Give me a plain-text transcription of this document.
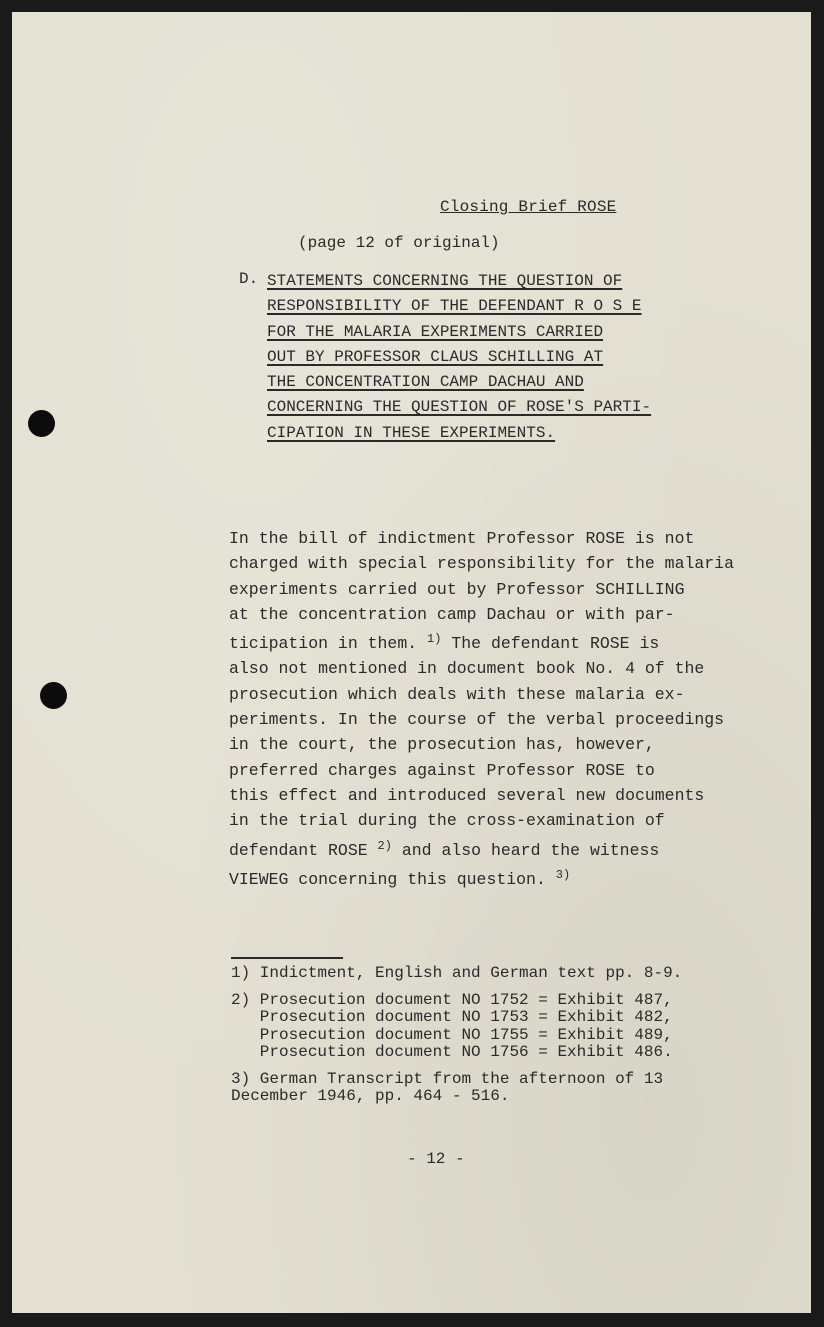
Closing Brief ROSE
(page 12 of original)
D. STATEMENTS CONCERNING THE QUESTION OF
RESPONSIBILITY OF THE DEFENDANT R O S E
FOR THE MALARIA EXPERIMENTS CARRIED
OUT BY PROFESSOR CLAUS SCHILLING AT
THE CONCENTRATION CAMP DACHAU AND
CONCERNING THE QUESTION OF ROSE'S PARTI-
CIPATION IN THESE EXPERIMENTS.
In the bill of indictment Professor ROSE is not
charged with special responsibility for the malaria
experiments carried out by Professor SCHILLING
at the concentration camp Dachau or with par-
ticipation in them. $^{1)}$ The defendant ROSE is
also not mentioned in document book No. 4 of the
prosecution which deals with these malaria ex-
periments. In the course of the verbal proceedings
in the court, the prosecution has, however,
preferred charges against Professor ROSE to
this effect and introduced several new documents
in the trial during the cross-examination of
defendant ROSE $^{2)}$ and also heard the witness
VIEWEG concerning this question. $^{3)}$
1) Indictment, English and German text pp. 8-9.
2) Prosecution document NO 1752 = Exhibit 487,
Prosecution document NO 1753 = Exhibit 482,
Prosecution document NO 1755 = Exhibit 489,
Prosecution document NO 1756 = Exhibit 486.
3) German Transcript from the afternoon of 13
December 1946, pp. 464 - 516.
- 12 -
